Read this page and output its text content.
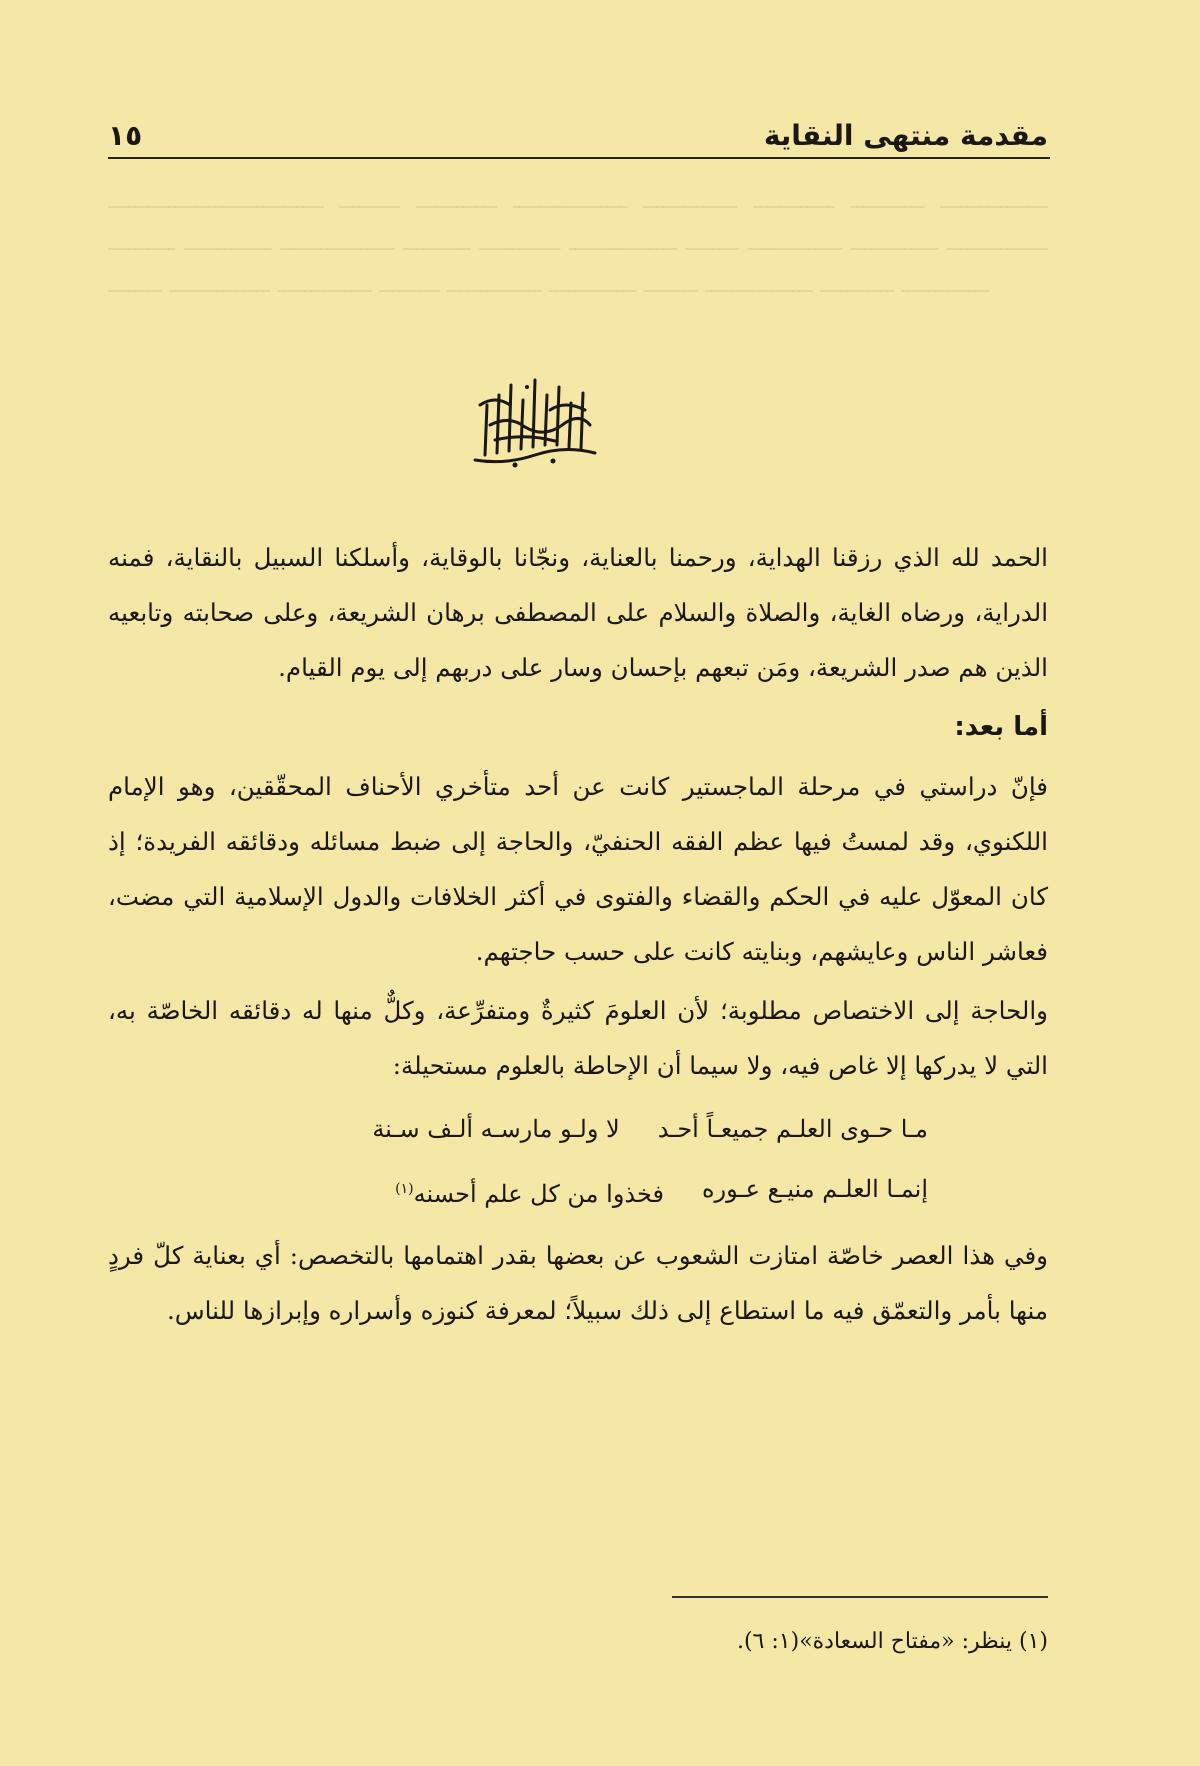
ــــــــــــــــــــــــــــــــ ـــــــــ ــــــــــــ ـــــــــــــــــ ــــــــــــــ ــــــــــــ ـــــــــــ ــــــــــــــــ ــــــــــ ـــــــــــــ ـــــــــــــــــ ــــــــــ ــــــــــــ ــــــــــــــــ ــــــــ ــــــــــــــ ـــــــــــــ ـــــــــــــــ ــــــــ ـــــــــــــــ ــــــــــــــ ـــــــــ ــــــــــــــ ـــــــــــــ ــــــــ ــــــــــــــــ ـــــــــــ ـــــــــــــ
مقدمة منتهى النقاية
١٥

الحمد لله الذي رزقنا الهداية، ورحمنا بالعناية، ونجّانا بالوقاية، وأسلكنا السبيل بالنقاية، فمنه الدراية، ورضاه الغاية، والصلاة والسلام على المصطفى برهان الشريعة، وعلى صحابته وتابعيه الذين هم صدر الشريعة، ومَن تبعهم بإحسان وسار على دربهم إلى يوم القيام.

أما بعد:

فإنّ دراستي في مرحلة الماجستير كانت عن أحد متأخري الأحناف المحقّقين، وهو الإمام اللكنوي، وقد لمستُ فيها عظم الفقه الحنفيّ، والحاجة إلى ضبط مسائله ودقائقه الفريدة؛ إذ كان المعوّل عليه في الحكم والقضاء والفتوى في أكثر الخلافات والدول الإسلامية التي مضت، فعاشر الناس وعايشهم، وبنايته كانت على حسب حاجتهم.

والحاجة إلى الاختصاص مطلوبة؛ لأن العلومَ كثيرةٌ ومتفرِّعة، وكلٌّ منها له دقائقه الخاصّة به، التي لا يدركها إلا غاص فيه، ولا سيما أن الإحاطة بالعلوم مستحيلة:

مـا حـوى العلـم جميعـاً أحـد
لا ولـو مارسـه ألـف سـنة
إنمـا العلـم منيـع عـوره
فخذوا من كل علم أحسنه$^{(١)}$

وفي هذا العصر خاصّة امتازت الشعوب عن بعضها بقدر اهتمامها بالتخصص: أي بعناية كلّ فردٍ منها بأمر والتعمّق فيه ما استطاع إلى ذلك سبيلاً؛ لمعرفة كنوزه وأسراره وإبرازها للناس.

(١) ينظر: «مفتاح السعادة»(١: ٦).
